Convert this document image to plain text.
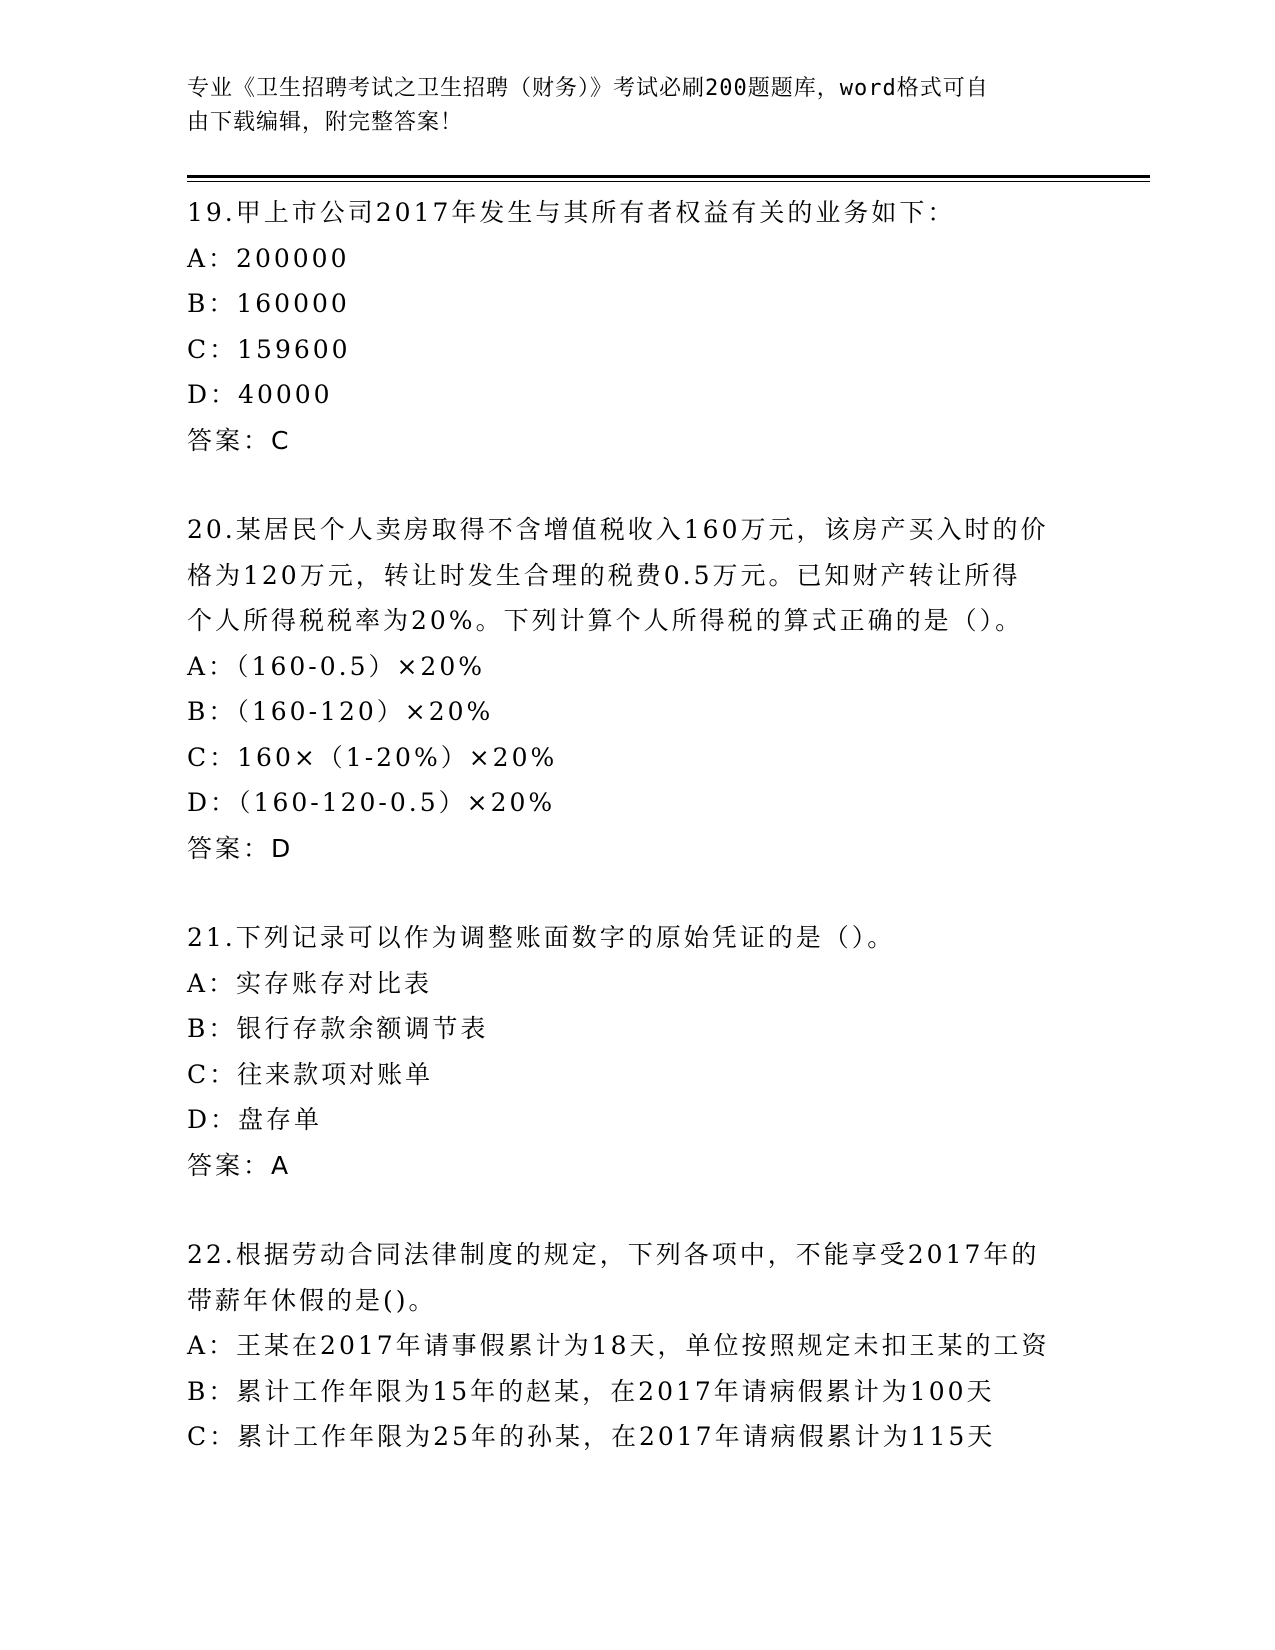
专业《卫生招聘考试之卫生招聘（财务）》考试必刷200题题库，word格式可自
由下载编辑，附完整答案！
19.甲上市公司2017年发生与其所有者权益有关的业务如下：
A：200000
B：160000
C：159600
D：40000
答案：C
20.某居民个人卖房取得不含增值税收入160万元，该房产买入时的价
格为120万元，转让时发生合理的税费0.5万元。已知财产转让所得
个人所得税税率为20%。下列计算个人所得税的算式正确的是（）。
A：（160-0.5）×20%
B：（160-120）×20%
C：160×（1-20%）×20%
D：（160-120-0.5）×20%
答案：D
21.下列记录可以作为调整账面数字的原始凭证的是（）。
A：实存账存对比表
B：银行存款余额调节表
C：往来款项对账单
D：盘存单
答案：A
22.根据劳动合同法律制度的规定，下列各项中，不能享受2017年的
带薪年休假的是()。
A：王某在2017年请事假累计为18天，单位按照规定未扣王某的工资
B：累计工作年限为15年的赵某，在2017年请病假累计为100天
C：累计工作年限为25年的孙某，在2017年请病假累计为115天
